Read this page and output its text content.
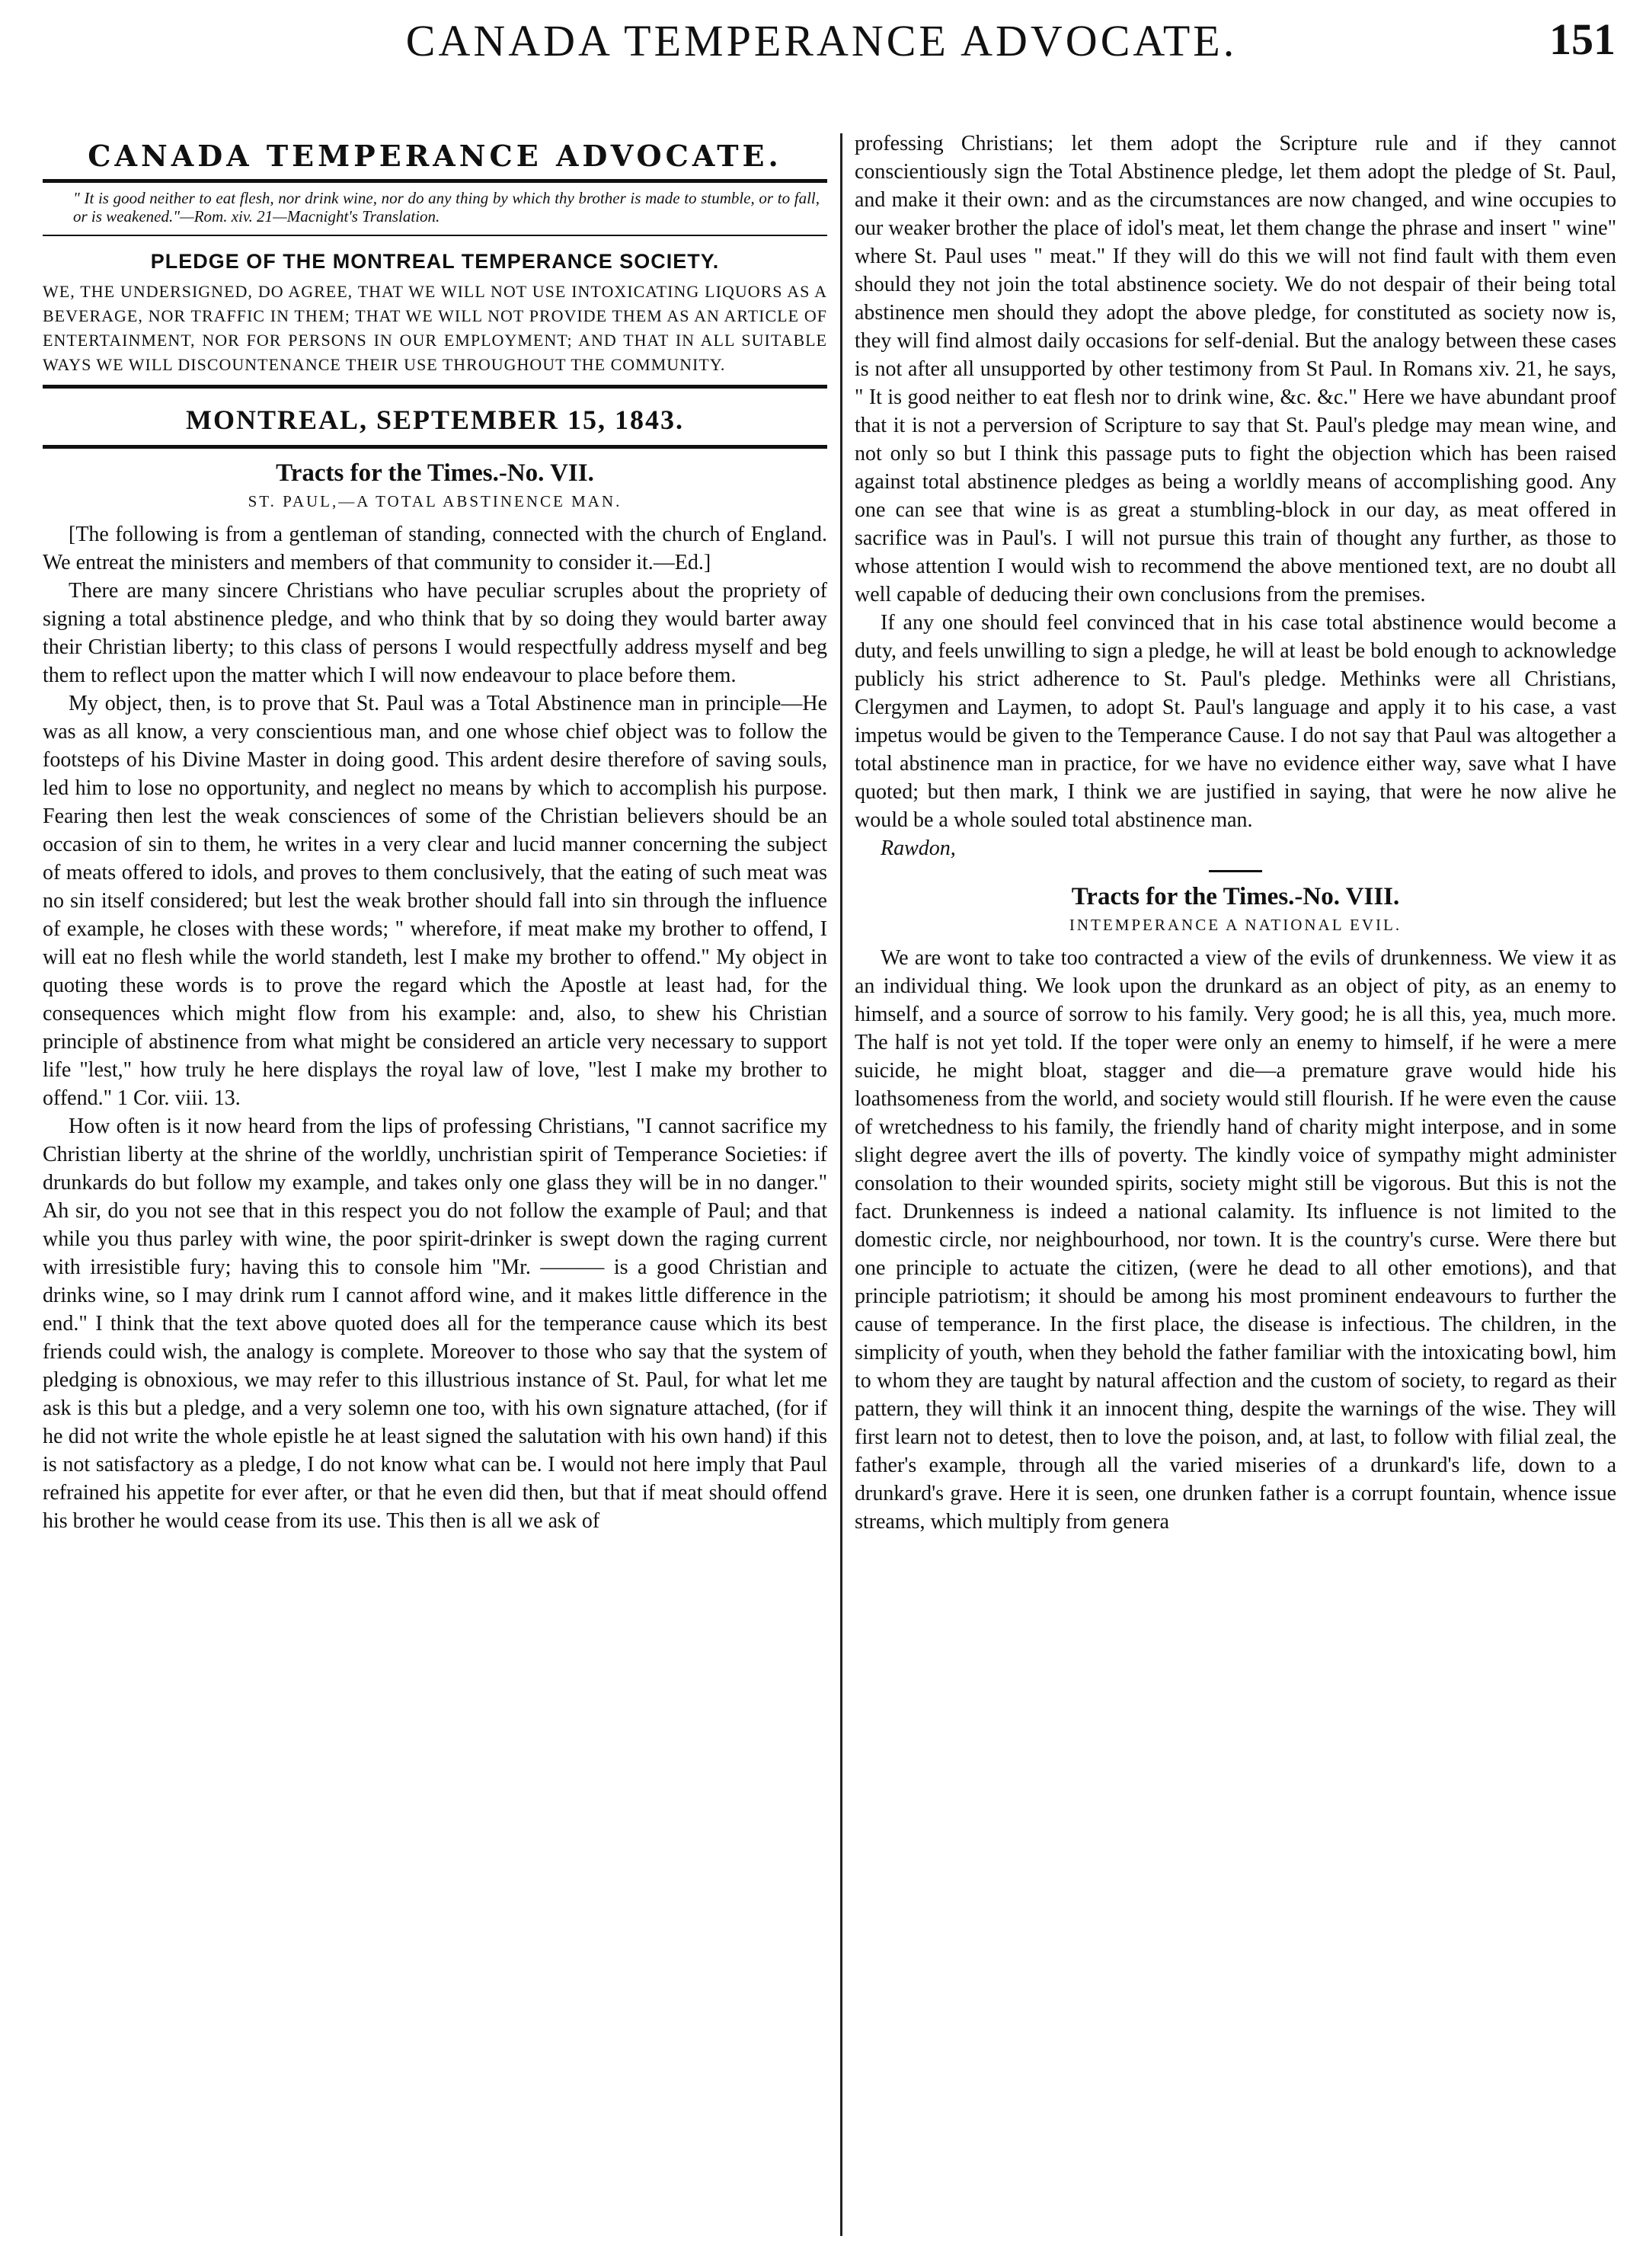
CANADA TEMPERANCE ADVOCATE.	151
CANADA TEMPERANCE ADVOCATE.
" It is good neither to eat flesh, nor drink wine, nor do any thing by which thy brother is made to stumble, or to fall, or is weakened."—Rom. xiv. 21—Macnight's Translation.
PLEDGE OF THE MONTREAL TEMPERANCE SOCIETY.
WE, THE UNDERSIGNED, DO AGREE, THAT WE WILL NOT USE INTOXICATING LIQUORS AS A BEVERAGE, NOR TRAFFIC IN THEM; THAT WE WILL NOT PROVIDE THEM AS AN ARTICLE OF ENTERTAINMENT, NOR FOR PERSONS IN OUR EMPLOYMENT; AND THAT IN ALL SUITABLE WAYS WE WILL DISCOUNTENANCE THEIR USE THROUGHOUT THE COMMUNITY.
MONTREAL, SEPTEMBER 15, 1843.
Tracts for the Times.-No. VII.
ST. PAUL,—A TOTAL ABSTINENCE MAN.

[The following is from a gentleman of standing, connected with the church of England. We entreat the ministers and members of that community to consider it.—Ed.]

There are many sincere Christians who have peculiar scruples about the propriety of signing a total abstinence pledge, and who think that by so doing they would barter away their Christian liberty; to this class of persons I would respectfully address myself and beg them to reflect upon the matter which I will now endeavour to place before them.

My object, then, is to prove that St. Paul was a Total Abstinence man in principle—He was as all know, a very conscientious man, and one whose chief object was to follow the footsteps of his Divine Master in doing good. This ardent desire therefore of saving souls, led him to lose no opportunity, and neglect no means by which to accomplish his purpose. Fearing then lest the weak consciences of some of the Christian believers should be an occasion of sin to them, he writes in a very clear and lucid manner concerning the subject of meats offered to idols, and proves to them conclusively, that the eating of such meat was no sin itself considered; but lest the weak brother should fall into sin through the influence of example, he closes with these words; " wherefore, if meat make my brother to offend, I will eat no flesh while the world standeth, lest I make my brother to offend." My object in quoting these words is to prove the regard which the Apostle at least had, for the consequences which might flow from his example: and, also, to shew his Christian principle of abstinence from what might be considered an article very necessary to support life "lest," how truly he here displays the royal law of love, "lest I make my brother to offend." 1 Cor. viii. 13.

How often is it now heard from the lips of professing Christians, "I cannot sacrifice my Christian liberty at the shrine of the worldly, unchristian spirit of Temperance Societies: if drunkards do but follow my example, and takes only one glass they will be in no danger." Ah sir, do you not see that in this respect you do not follow the example of Paul; and that while you thus parley with wine, the poor spirit-drinker is swept down the raging current with irresistible fury; having this to console him "Mr. ——— is a good Christian and drinks wine, so I may drink rum I cannot afford wine, and it makes little difference in the end." I think that the text above quoted does all for the temperance cause which its best friends could wish, the analogy is complete. Moreover to those who say that the system of pledging is obnoxious, we may refer to this illustrious instance of St. Paul, for what let me ask is this but a pledge, and a very solemn one too, with his own signature attached, (for if he did not write the whole epistle he at least signed the salutation with his own hand) if this is not satisfactory as a pledge, I do not know what can be. I would not here imply that Paul refrained his appetite for ever after, or that he even did then, but that if meat should offend his brother he would cease from its use. This then is all we ask of

professing Christians; let them adopt the Scripture rule and if they cannot conscientiously sign the Total Abstinence pledge, let them adopt the pledge of St. Paul, and make it their own: and as the circumstances are now changed, and wine occupies to our weaker brother the place of idol's meat, let them change the phrase and insert " wine" where St. Paul uses " meat." If they will do this we will not find fault with them even should they not join the total abstinence society. We do not despair of their being total abstinence men should they adopt the above pledge, for constituted as society now is, they will find almost daily occasions for self-denial. But the analogy between these cases is not after all unsupported by other testimony from St Paul. In Romans xiv. 21, he says, " It is good neither to eat flesh nor to drink wine, &c. &c." Here we have abundant proof that it is not a perversion of Scripture to say that St. Paul's pledge may mean wine, and not only so but I think this passage puts to fight the objection which has been raised against total abstinence pledges as being a worldly means of accomplishing good. Any one can see that wine is as great a stumbling-block in our day, as meat offered in sacrifice was in Paul's. I will not pursue this train of thought any further, as those to whose attention I would wish to recommend the above mentioned text, are no doubt all well capable of deducing their own conclusions from the premises.

If any one should feel convinced that in his case total abstinence would become a duty, and feels unwilling to sign a pledge, he will at least be bold enough to acknowledge publicly his strict adherence to St. Paul's pledge. Methinks were all Christians, Clergymen and Laymen, to adopt St. Paul's language and apply it to his case, a vast impetus would be given to the Temperance Cause. I do not say that Paul was altogether a total abstinence man in practice, for we have no evidence either way, save what I have quoted; but then mark, I think we are justified in saying, that were he now alive he would be a whole souled total abstinence man.

Rawdon,

Tracts for the Times.-No. VIII.
INTEMPERANCE A NATIONAL EVIL.

We are wont to take too contracted a view of the evils of drunkenness. We view it as an individual thing. We look upon the drunkard as an object of pity, as an enemy to himself, and a source of sorrow to his family. Very good; he is all this, yea, much more. The half is not yet told. If the toper were only an enemy to himself, if he were a mere suicide, he might bloat, stagger and die—a premature grave would hide his loathsomeness from the world, and society would still flourish. If he were even the cause of wretchedness to his family, the friendly hand of charity might interpose, and in some slight degree avert the ills of poverty. The kindly voice of sympathy might administer consolation to their wounded spirits, society might still be vigorous. But this is not the fact. Drunkenness is indeed a national calamity. Its influence is not limited to the domestic circle, nor neighbourhood, nor town. It is the country's curse. Were there but one principle to actuate the citizen, (were he dead to all other emotions), and that principle patriotism; it should be among his most prominent endeavours to further the cause of temperance. In the first place, the disease is infectious. The children, in the simplicity of youth, when they behold the father familiar with the intoxicating bowl, him to whom they are taught by natural affection and the custom of society, to regard as their pattern, they will think it an innocent thing, despite the warnings of the wise. They will first learn not to detest, then to love the poison, and, at last, to follow with filial zeal, the father's example, through all the varied miseries of a drunkard's life, down to a drunkard's grave. Here it is seen, one drunken father is a corrupt fountain, whence issue streams, which multiply from genera
